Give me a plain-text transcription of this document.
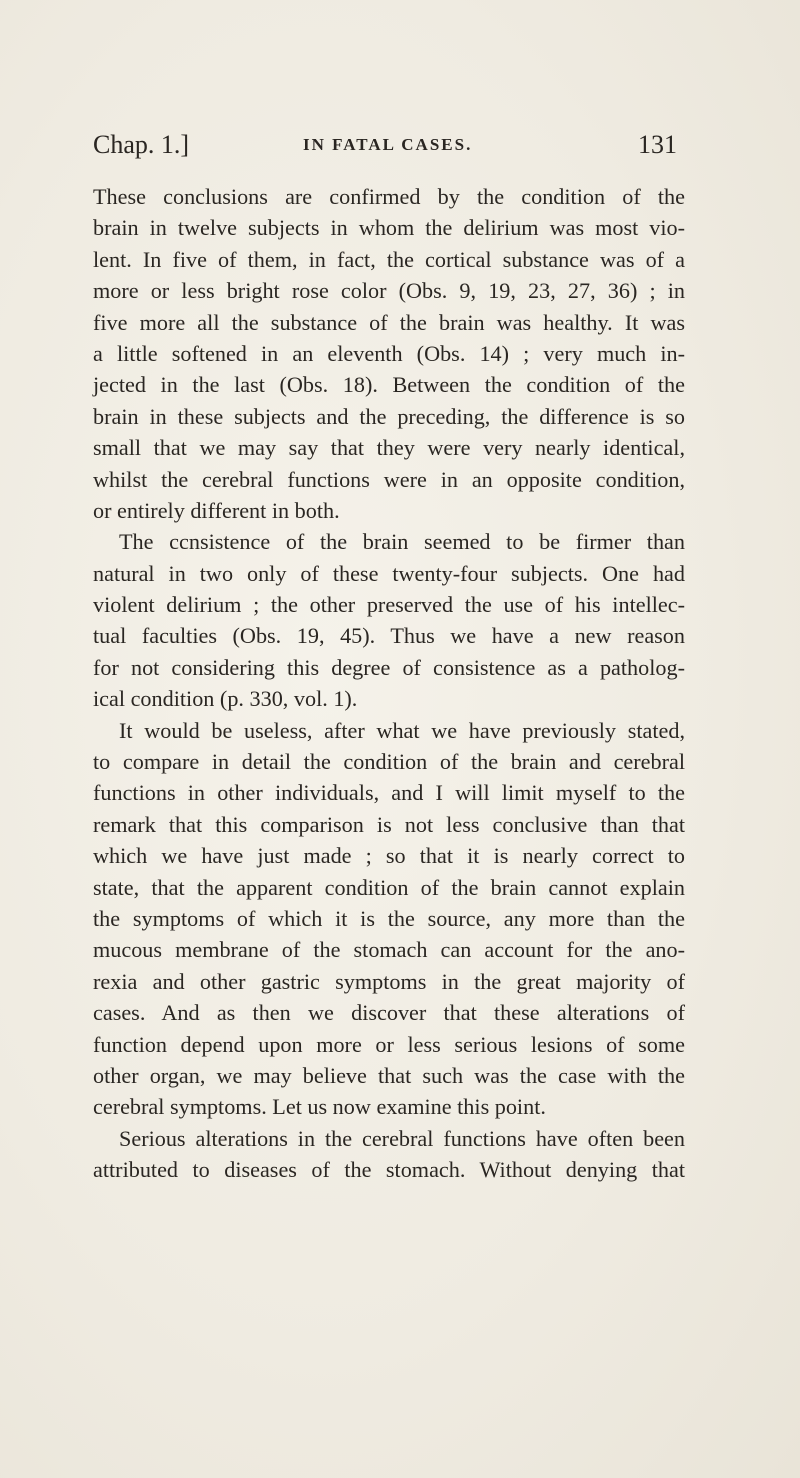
Chap. 1.]	IN FATAL CASES.	131
These conclusions are confirmed by the condition of the
brain in twelve subjects in whom the delirium was most vio-
lent. In five of them, in fact, the cortical substance was of a
more or less bright rose color (Obs. 9, 19, 23, 27, 36) ; in
five more all the substance of the brain was healthy. It was
a little softened in an eleventh (Obs. 14) ; very much in-
jected in the last (Obs. 18). Between the condition of the
brain in these subjects and the preceding, the difference is so
small that we may say that they were very nearly identical,
whilst the cerebral functions were in an opposite condition,
or entirely different in both.
The ccnsistence of the brain seemed to be firmer than
natural in two only of these twenty-four subjects. One had
violent delirium ; the other preserved the use of his intellec-
tual faculties (Obs. 19, 45). Thus we have a new reason
for not considering this degree of consistence as a patholog-
ical condition (p. 330, vol. 1).
It would be useless, after what we have previously stated,
to compare in detail the condition of the brain and cerebral
functions in other individuals, and I will limit myself to the
remark that this comparison is not less conclusive than that
which we have just made ; so that it is nearly correct to
state, that the apparent condition of the brain cannot explain
the symptoms of which it is the source, any more than the
mucous membrane of the stomach can account for the ano-
rexia and other gastric symptoms in the great majority of
cases. And as then we discover that these alterations of
function depend upon more or less serious lesions of some
other organ, we may believe that such was the case with the
cerebral symptoms. Let us now examine this point.
Serious alterations in the cerebral functions have often been
attributed to diseases of the stomach. Without denying that
